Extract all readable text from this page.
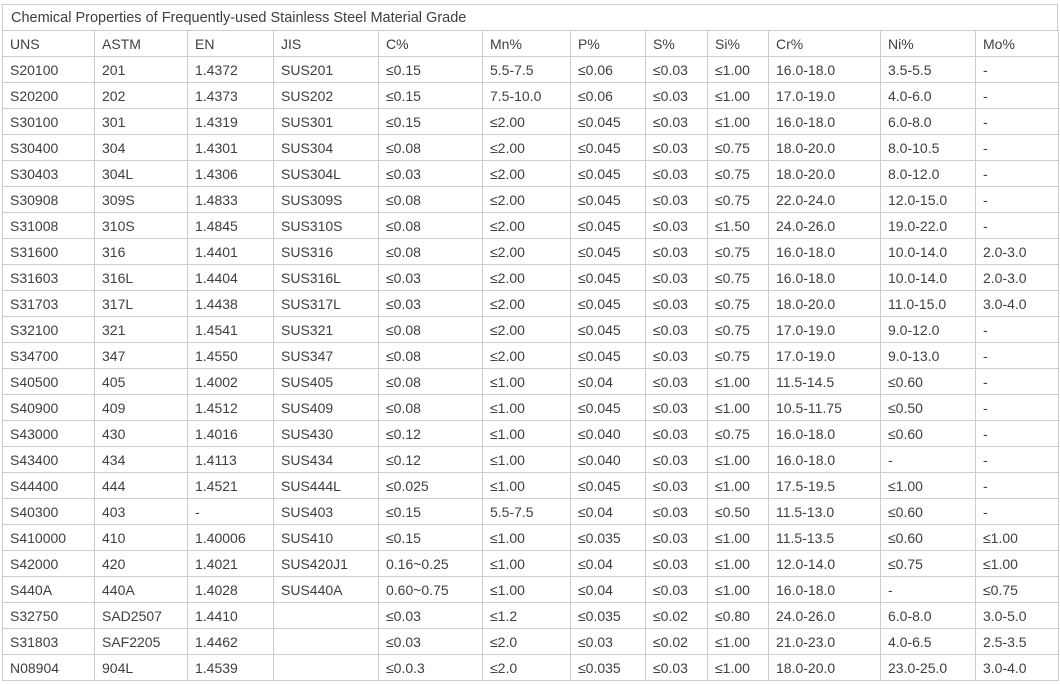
Chemical Properties of Frequently-used Stainless Steel Material Grade
UNS	ASTM	EN	JIS	C%	Mn%	P%	S%	Si%	Cr%	Ni%	Mo%
S20100	201	1.4372	SUS201	≤0.15	5.5-7.5	≤0.06	≤0.03	≤1.00	16.0-18.0	3.5-5.5	-
S20200	202	1.4373	SUS202	≤0.15	7.5-10.0	≤0.06	≤0.03	≤1.00	17.0-19.0	4.0-6.0	-
S30100	301	1.4319	SUS301	≤0.15	≤2.00	≤0.045	≤0.03	≤1.00	16.0-18.0	6.0-8.0	-
S30400	304	1.4301	SUS304	≤0.08	≤2.00	≤0.045	≤0.03	≤0.75	18.0-20.0	8.0-10.5	-
S30403	304L	1.4306	SUS304L	≤0.03	≤2.00	≤0.045	≤0.03	≤0.75	18.0-20.0	8.0-12.0	-
S30908	309S	1.4833	SUS309S	≤0.08	≤2.00	≤0.045	≤0.03	≤0.75	22.0-24.0	12.0-15.0	-
S31008	310S	1.4845	SUS310S	≤0.08	≤2.00	≤0.045	≤0.03	≤1.50	24.0-26.0	19.0-22.0	-
S31600	316	1.4401	SUS316	≤0.08	≤2.00	≤0.045	≤0.03	≤0.75	16.0-18.0	10.0-14.0	2.0-3.0
S31603	316L	1.4404	SUS316L	≤0.03	≤2.00	≤0.045	≤0.03	≤0.75	16.0-18.0	10.0-14.0	2.0-3.0
S31703	317L	1.4438	SUS317L	≤0.03	≤2.00	≤0.045	≤0.03	≤0.75	18.0-20.0	11.0-15.0	3.0-4.0
S32100	321	1.4541	SUS321	≤0.08	≤2.00	≤0.045	≤0.03	≤0.75	17.0-19.0	9.0-12.0	-
S34700	347	1.4550	SUS347	≤0.08	≤2.00	≤0.045	≤0.03	≤0.75	17.0-19.0	9.0-13.0	-
S40500	405	1.4002	SUS405	≤0.08	≤1.00	≤0.04	≤0.03	≤1.00	11.5-14.5	≤0.60	-
S40900	409	1.4512	SUS409	≤0.08	≤1.00	≤0.045	≤0.03	≤1.00	10.5-11.75	≤0.50	-
S43000	430	1.4016	SUS430	≤0.12	≤1.00	≤0.040	≤0.03	≤0.75	16.0-18.0	≤0.60	-
S43400	434	1.4113	SUS434	≤0.12	≤1.00	≤0.040	≤0.03	≤1.00	16.0-18.0	-	-
S44400	444	1.4521	SUS444L	≤0.025	≤1.00	≤0.045	≤0.03	≤1.00	17.5-19.5	≤1.00	-
S40300	403	-	SUS403	≤0.15	5.5-7.5	≤0.04	≤0.03	≤0.50	11.5-13.0	≤0.60	-
S410000	410	1.40006	SUS410	≤0.15	≤1.00	≤0.035	≤0.03	≤1.00	11.5-13.5	≤0.60	≤1.00
S42000	420	1.4021	SUS420J1	0.16~0.25	≤1.00	≤0.04	≤0.03	≤1.00	12.0-14.0	≤0.75	≤1.00
S440A	440A	1.4028	SUS440A	0.60~0.75	≤1.00	≤0.04	≤0.03	≤1.00	16.0-18.0	-	≤0.75
S32750	SAD2507	1.4410		≤0.03	≤1.2	≤0.035	≤0.02	≤0.80	24.0-26.0	6.0-8.0	3.0-5.0
S31803	SAF2205	1.4462		≤0.03	≤2.0	≤0.03	≤0.02	≤1.00	21.0-23.0	4.0-6.5	2.5-3.5
N08904	904L	1.4539		≤0.0.3	≤2.0	≤0.035	≤0.03	≤1.00	18.0-20.0	23.0-25.0	3.0-4.0
